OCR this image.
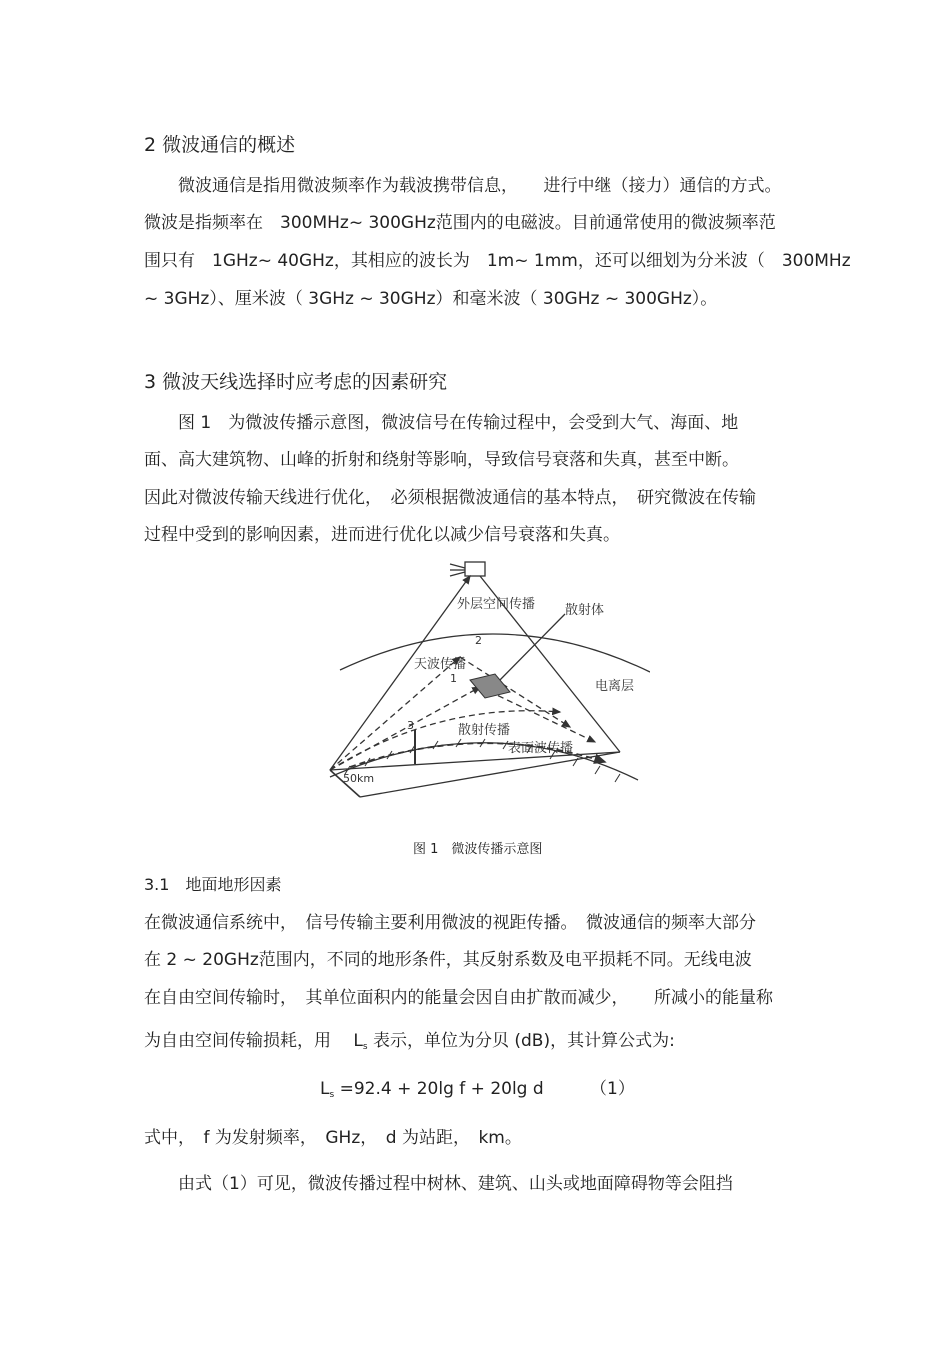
2 微波通信的概述
微波通信是指用微波频率作为载波携带信息，　　进行中继（接力）通信的方式。
微波是指频率在　300MHz~ 300GHz范围内的电磁波。目前通常使用的微波频率范
围只有　1GHz~ 40GHz，其相应的波长为　1m~ 1mm，还可以细划为分米波（　300MHz
~ 3GHz）、厘米波（ 3GHz ~ 30GHz）和毫米波（ 30GHz ~ 300GHz）。
3 微波天线选择时应考虑的因素研究
图 1　为微波传播示意图，微波信号在传输过程中，会受到大气、海面、地
面、高大建筑物、山峰的折射和绕射等影响，导致信号衰落和失真，甚至中断。
因此对微波传输天线进行优化，　必须根据微波通信的基本特点，　研究微波在传输
过程中受到的影响因素，进而进行优化以减少信号衰落和失真。
外层空间传播 散射体
2
天波传播
1
电离层
3	散射传播
表面波传播
50km
图 1　微波传播示意图
3.1　地面地形因素
在微波通信系统中，　信号传输主要利用微波的视距传播。　微波通信的频率大部分
在 2 ~ 20GHz范围内，不同的地形条件，其反射系数及电平损耗不同。无线电波
在自由空间传输时，　其单位面积内的能量会因自由扩散而减少，　　所减小的能量称
为自由空间传输损耗，用　 $L_s$ 表示，单位为分贝 (dB)，其计算公式为:
$L_s =92.4 + 20\lg$ f + 20lg d	（1）
式中，　f 为发射频率，　GHz，　d 为站距，　km。
由式（1）可见，微波传播过程中树林、建筑、山头或地面障碍物等会阻挡
